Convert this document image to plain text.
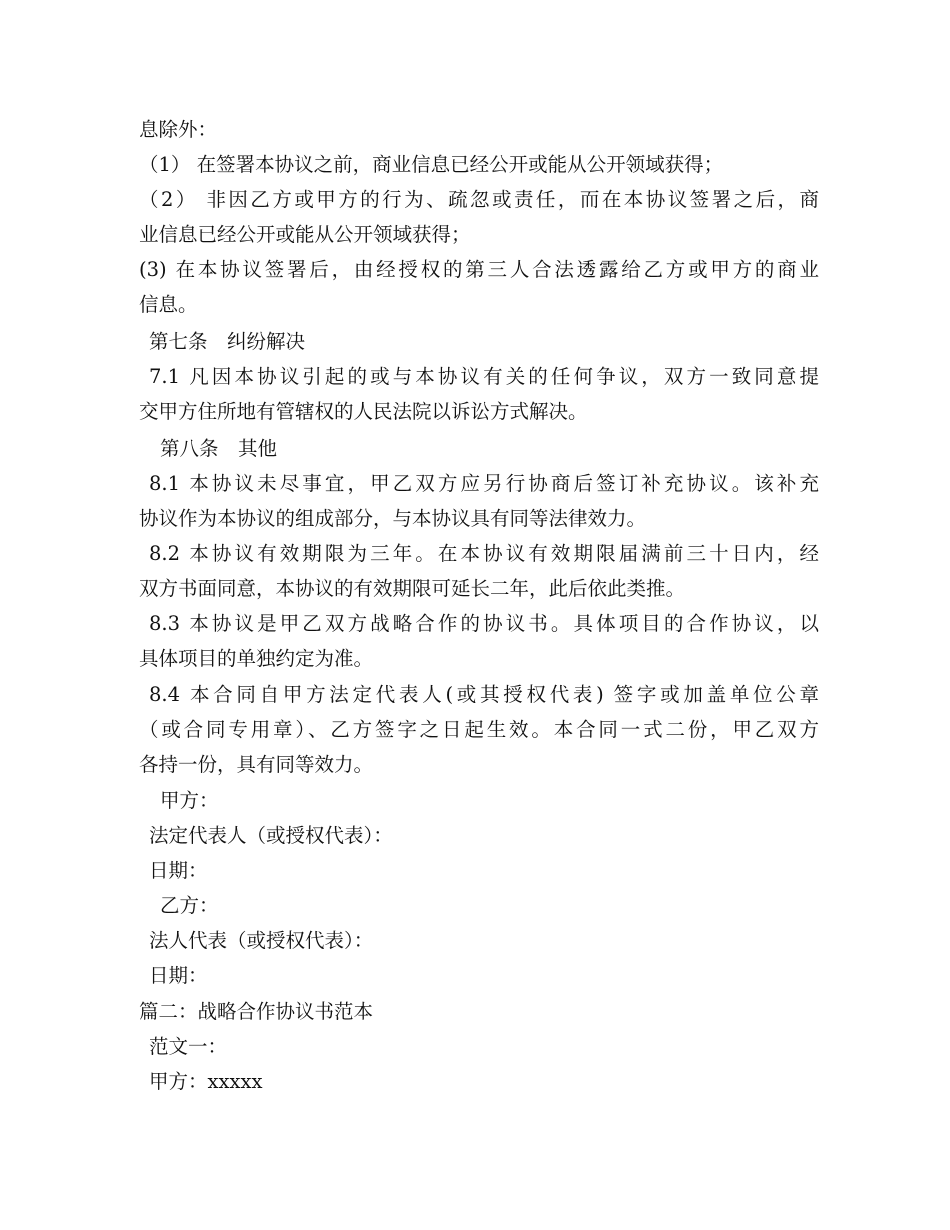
息除外：
（1） 在签署本协议之前，商业信息已经公开或能从公开领域获得；
（2） 非因乙方或甲方的行为、疏忽或责任，而在本协议签署之后，商
业信息已经公开或能从公开领域获得；
(3) 在本协议签署后，由经授权的第三人合法透露给乙方或甲方的商业
信息。
第七条　纠纷解决
7.1 凡因本协议引起的或与本协议有关的任何争议，双方一致同意提
交甲方住所地有管辖权的人民法院以诉讼方式解决。
第八条　其他
8.1 本协议未尽事宜，甲乙双方应另行协商后签订补充协议。该补充
协议作为本协议的组成部分，与本协议具有同等法律效力。
8.2 本协议有效期限为三年。在本协议有效期限届满前三十日内，经
双方书面同意，本协议的有效期限可延长二年，此后依此类推。
8.3 本协议是甲乙双方战略合作的协议书。具体项目的合作协议，以
具体项目的单独约定为准。
8.4 本合同自甲方法定代表人(或其授权代表) 签字或加盖单位公章
（或合同专用章）、乙方签字之日起生效。本合同一式二份，甲乙双方
各持一份，具有同等效力。
甲方：
法定代表人（或授权代表）：
日期：
乙方：
法人代表（或授权代表）：
日期：
篇二：战略合作协议书范本
范文一：
甲方：xxxxx
